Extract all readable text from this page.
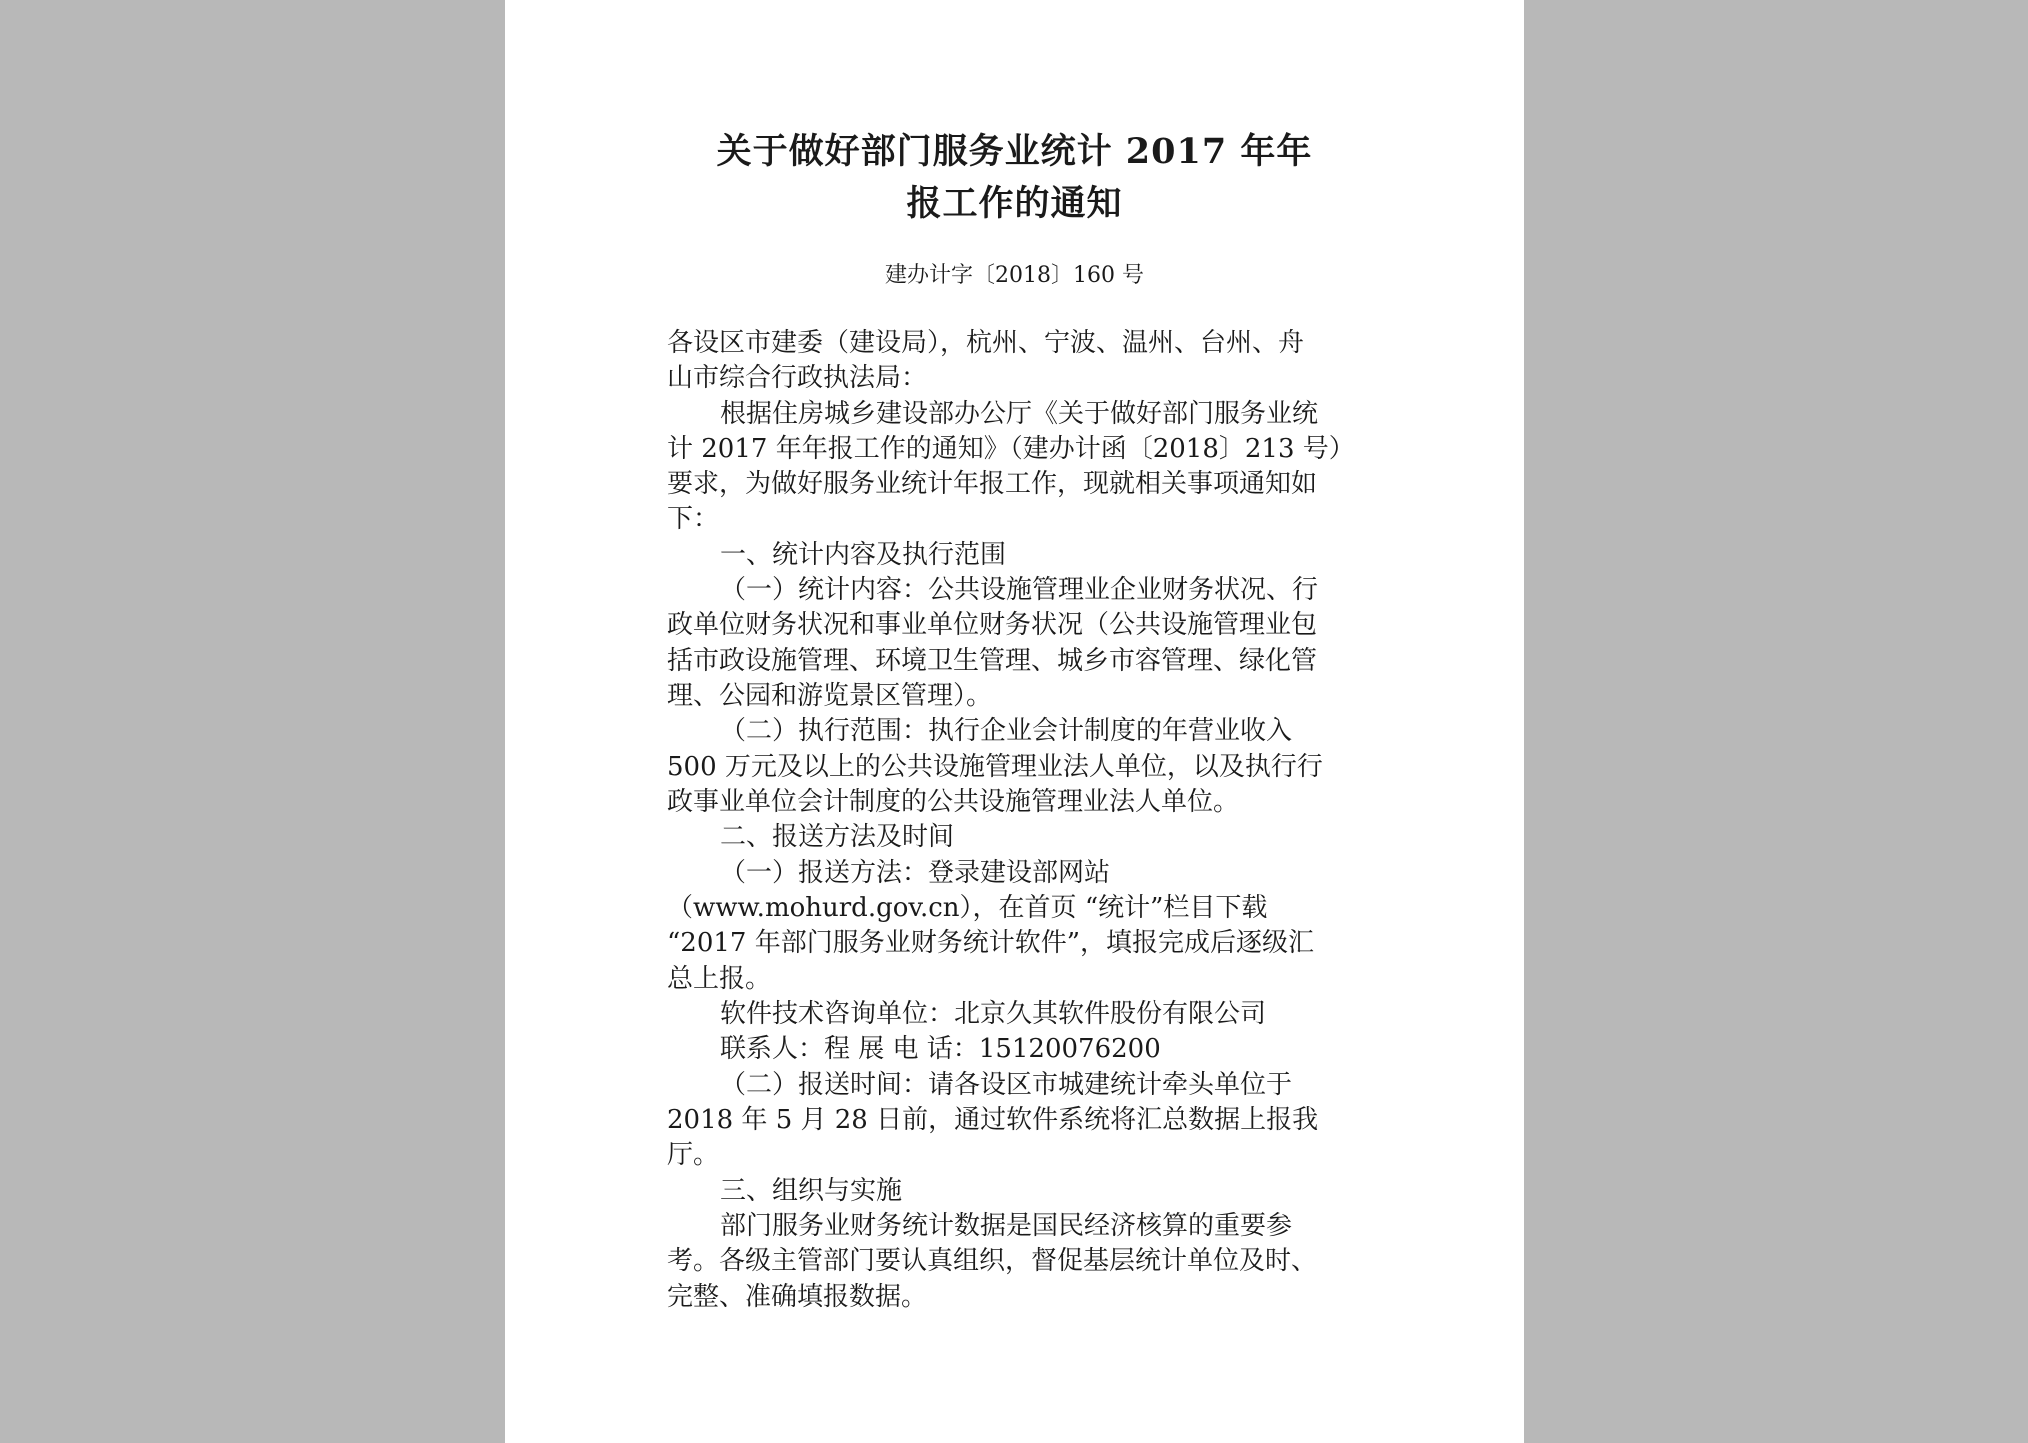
关于做好部门服务业统计 2017 年年
报工作的通知
建办计字〔2018〕160 号
各设区市建委（建设局），杭州、宁波、温州、台州、舟
山市综合行政执法局：
根据住房城乡建设部办公厅《关于做好部门服务业统
计 2017 年年报工作的通知》（建办计函〔2018〕213 号）
要求，为做好服务业统计年报工作，现就相关事项通知如
下：
一、统计内容及执行范围
（一）统计内容：公共设施管理业企业财务状况、行
政单位财务状况和事业单位财务状况（公共设施管理业包
括市政设施管理、环境卫生管理、城乡市容管理、绿化管
理、公园和游览景区管理）。
（二）执行范围：执行企业会计制度的年营业收入
500 万元及以上的公共设施管理业法人单位，以及执行行
政事业单位会计制度的公共设施管理业法人单位。
二、报送方法及时间
（一）报送方法：登录建设部网站
（www.mohurd.gov.cn），在首页 “统计”栏目下载
“2017 年部门服务业财务统计软件”，填报完成后逐级汇
总上报。
软件技术咨询单位：北京久其软件股份有限公司
联系人：程 展 电 话：15120076200
（二）报送时间：请各设区市城建统计牵头单位于
2018 年 5 月 28 日前，通过软件系统将汇总数据上报我
厅。
三、组织与实施
部门服务业财务统计数据是国民经济核算的重要参
考。各级主管部门要认真组织，督促基层统计单位及时、
完整、准确填报数据。
